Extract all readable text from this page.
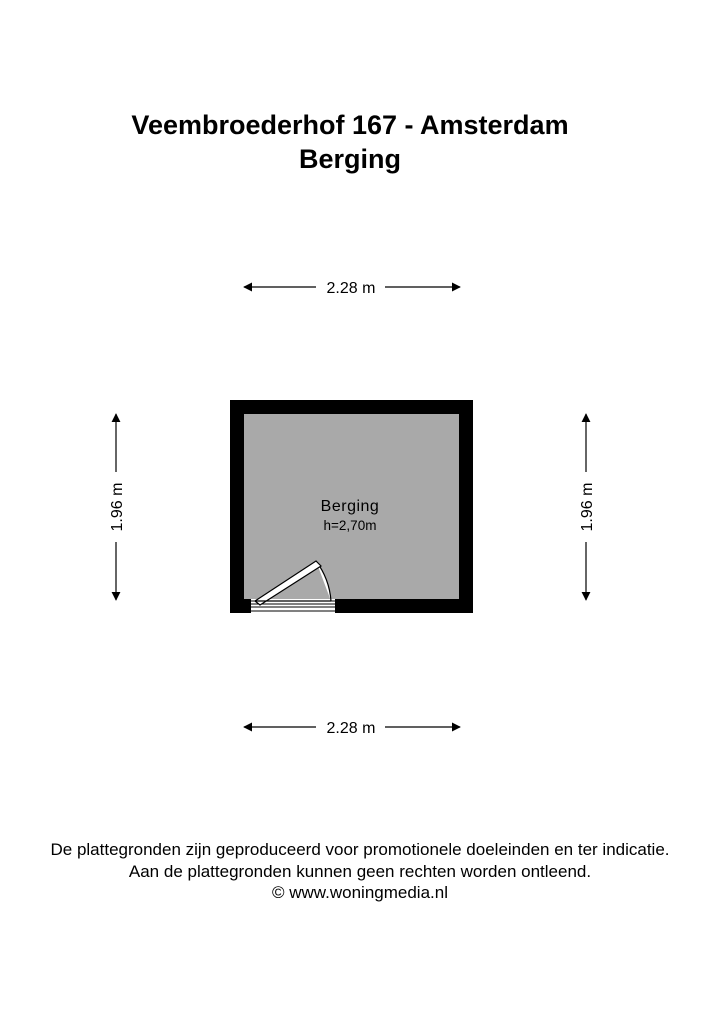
Veembroederhof 167 - Amsterdam
Berging
2.28 m
2.28 m
1.96 m	1.96 m
Berging
h=2,70m
De plattegronden zijn geproduceerd voor promotionele doeleinden en ter indicatie.
Aan de plattegronden kunnen geen rechten worden ontleend.
© www.woningmedia.nl
